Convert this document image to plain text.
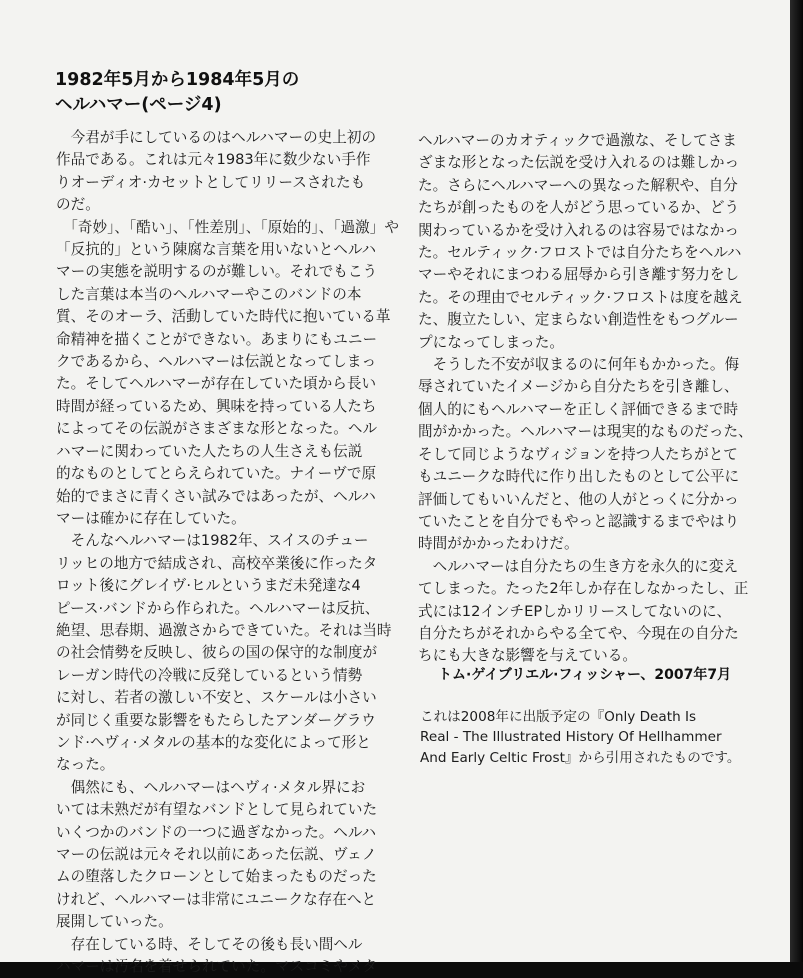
1982年5月から1984年5月の
ヘルハマー(ページ4)
　今君が手にしているのはヘルハマーの史上初の
作品である。これは元々1983年に数少ない手作
りオーディオ·カセットとしてリリースされたも
のだ。
　「奇妙」、「酷い」、「性差別」、「原始的」、「過激」や
「反抗的」という陳腐な言葉を用いないとヘルハ
マーの実態を説明するのが難しい。それでもこう
した言葉は本当のヘルハマーやこのバンドの本
質、そのオーラ、活動していた時代に抱いている革
命精神を描くことができない。あまりにもユニー
クであるから、ヘルハマーは伝説となってしまっ
た。そしてヘルハマーが存在していた頃から長い
時間が経っているため、興味を持っている人たち
によってその伝説がさまざまな形となった。ヘル
ハマーに関わっていた人たちの人生さえも伝説
的なものとしてとらえられていた。ナイーヴで原
始的でまさに青くさい試みではあったが、ヘルハ
マーは確かに存在していた。
　そんなヘルハマーは1982年、スイスのチュー
リッヒの地方で結成され、高校卒業後に作ったタ
ロット後にグレイヴ·ヒルというまだ未発達な4
ピース·バンドから作られた。ヘルハマーは反抗、
絶望、思春期、過激さからできていた。それは当時
の社会情勢を反映し、彼らの国の保守的な制度が
レーガン時代の冷戦に反発しているという情勢
に対し、若者の激しい不安と、スケールは小さい
が同じく重要な影響をもたらしたアンダーグラウ
ンド·ヘヴィ·メタルの基本的な変化によって形と
なった。
　偶然にも、ヘルハマーはヘヴィ·メタル界にお
いては未熟だが有望なバンドとして見られていた
いくつかのバンドの一つに過ぎなかった。ヘルハ
マーの伝説は元々それ以前にあった伝説、ヴェノ
ムの堕落したクローンとして始まったものだった
けれど、ヘルハマーは非常にユニークな存在へと
展開していった。
　存在している時、そしてその後も長い間ヘル
ハマーは汚名を着せられていた。マスコミやメタ
ヘルハマーのカオティックで過激な、そしてさま
ざまな形となった伝説を受け入れるのは難しかっ
た。さらにヘルハマーへの異なった解釈や、自分
たちが創ったものを人がどう思っているか、どう
関わっているかを受け入れるのは容易ではなかっ
た。セルティック·フロストでは自分たちをヘルハ
マーやそれにまつわる屈辱から引き離す努力をし
た。その理由でセルティック·フロストは度を越え
た、腹立たしい、定まらない創造性をもつグルー
プになってしまった。
　そうした不安が収まるのに何年もかかった。侮
辱されていたイメージから自分たちを引き離し、
個人的にもヘルハマーを正しく評価できるまで時
間がかかった。ヘルハマーは現実的なものだった、
そして同じようなヴィジョンを持つ人たちがとて
もユニークな時代に作り出したものとして公平に
評価してもいいんだと、他の人がとっくに分かっ
ていたことを自分でもやっと認識するまでやはり
時間がかかったわけだ。
　ヘルハマーは自分たちの生き方を永久的に変え
てしまった。たった2年しか存在しなかったし、正
式には12インチEPしかリリースしてないのに、
自分たちがそれからやる全てや、今現在の自分た
ちにも大きな影響を与えている。
トム·ゲイブリエル·フィッシャー、2007年7月
これは2008年に出版予定の『Only Death Is
Real - The Illustrated History Of Hellhammer
And Early Celtic Frost』から引用されたものです。
